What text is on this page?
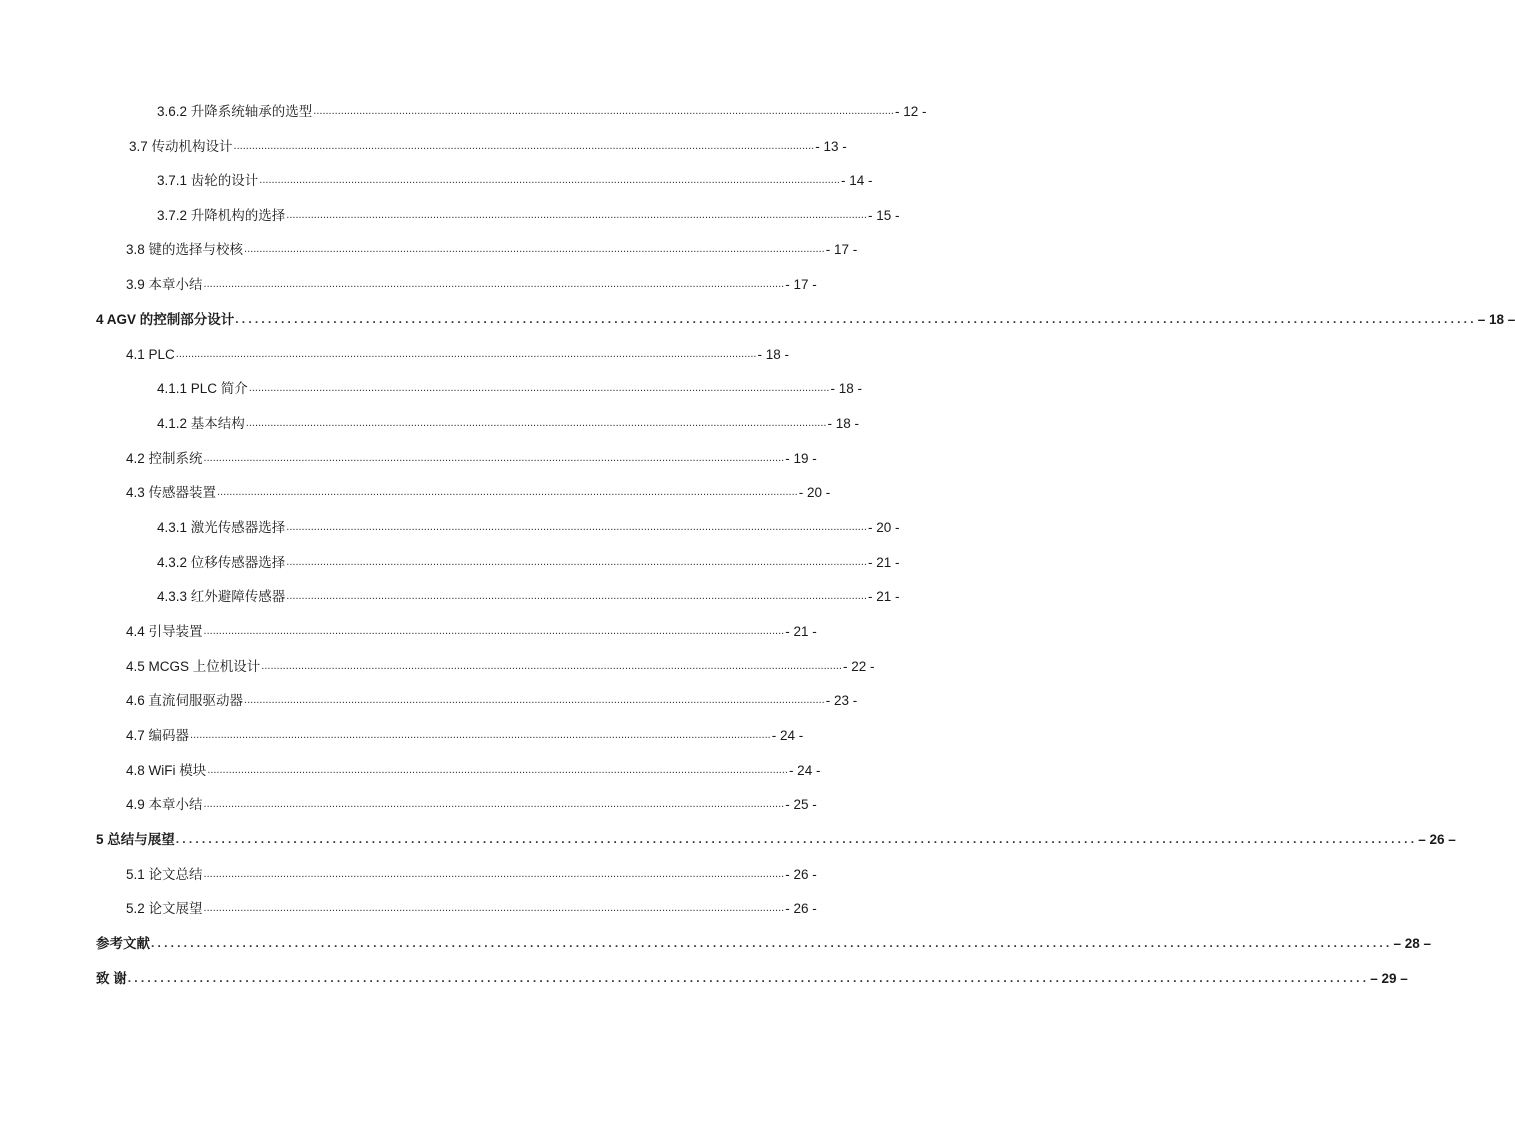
3.6.2 升降系统轴承的选型 .............................................................................................................................................................................................. - 12 -
3.7 传动机构设计 .............................................................................................................................................................................................. - 13 -
3.7.1 齿轮的设计 .............................................................................................................................................................................................. - 14 -
3.7.2 升降机构的选择 .............................................................................................................................................................................................. - 15 -
3.8 键的选择与校核 .............................................................................................................................................................................................. - 17 -
3.9 本章小结 .............................................................................................................................................................................................. - 17 -
4 AGV 的控制部分设计 .............................................................................................................................................................................................. – 18 –
4.1 PLC .............................................................................................................................................................................................. - 18 -
4.1.1 PLC 简介 .............................................................................................................................................................................................. - 18 -
4.1.2 基本结构 .............................................................................................................................................................................................. - 18 -
4.2 控制系统 .............................................................................................................................................................................................. - 19 -
4.3 传感器装置 .............................................................................................................................................................................................. - 20 -
4.3.1 激光传感器选择 .............................................................................................................................................................................................. - 20 -
4.3.2 位移传感器选择 .............................................................................................................................................................................................. - 21 -
4.3.3 红外避障传感器 .............................................................................................................................................................................................. - 21 -
4.4 引导装置 .............................................................................................................................................................................................. - 21 -
4.5 MCGS 上位机设计 .............................................................................................................................................................................................. - 22 -
4.6 直流伺服驱动器 .............................................................................................................................................................................................. - 23 -
4.7 编码器 .............................................................................................................................................................................................. - 24 -
4.8 WiFi 模块 .............................................................................................................................................................................................. - 24 -
4.9 本章小结 .............................................................................................................................................................................................. - 25 -
5 总结与展望 .............................................................................................................................................................................................. – 26 –
5.1 论文总结 .............................................................................................................................................................................................. - 26 -
5.2 论文展望 .............................................................................................................................................................................................. - 26 -
参考文献 .............................................................................................................................................................................................. – 28 –
致 谢 .............................................................................................................................................................................................. – 29 –
